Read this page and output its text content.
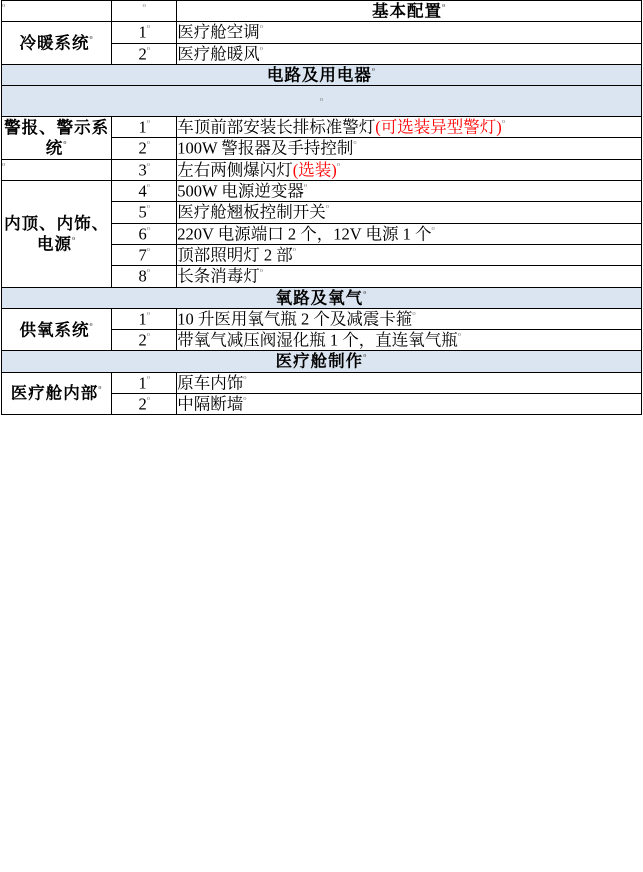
$^ᵒ$	$^ᵒ$	基本配置$^ᵒ$
冷暖系统$^ᵒ$	$1^ᵒ$	医疗舱空调$^ᵒ$
	$2^ᵒ$	医疗舱暖风$^ᵒ$
电路及用电器$^ᵒ$

ᵒ		

警报、警示系统$^ᵒ$	$1^ᵒ$	车顶前部安装长排标准警灯(可选装异型警灯)$^ᵒ$
	$2^ᵒ$	100W 警报器及手持控制$^ᵒ$
$^ᵒ$	$3^ᵒ$	左右两侧爆闪灯(选装)$^ᵒ$
内顶、内饰、电源$^ᵒ$	$4^ᵒ$	500W 电源逆变器$^ᵒ$
	$5^ᵒ$	医疗舱翘板控制开关$^ᵒ$
	$6^ᵒ$	220V 电源端口 2 个，12V 电源 1 个$^ᵒ$
	$7^ᵒ$	顶部照明灯 2 部$^ᵒ$
	$8^ᵒ$	长条消毒灯$^ᵒ$
氧路及氧气$^ᵒ$
供氧系统$^ᵒ$	$1^ᵒ$	10 升医用氧气瓶 2 个及减震卡箍$^ᵒ$
	$2^ᵒ$	带氧气减压阀湿化瓶 1 个，直连氧气瓶$^ᵒ$
医疗舱制作$^ᵒ$
医疗舱内部$^ᵒ$	$1^ᵒ$	原车内饰$^ᵒ$
	$2^ᵒ$	中隔断墙$^ᵒ$
